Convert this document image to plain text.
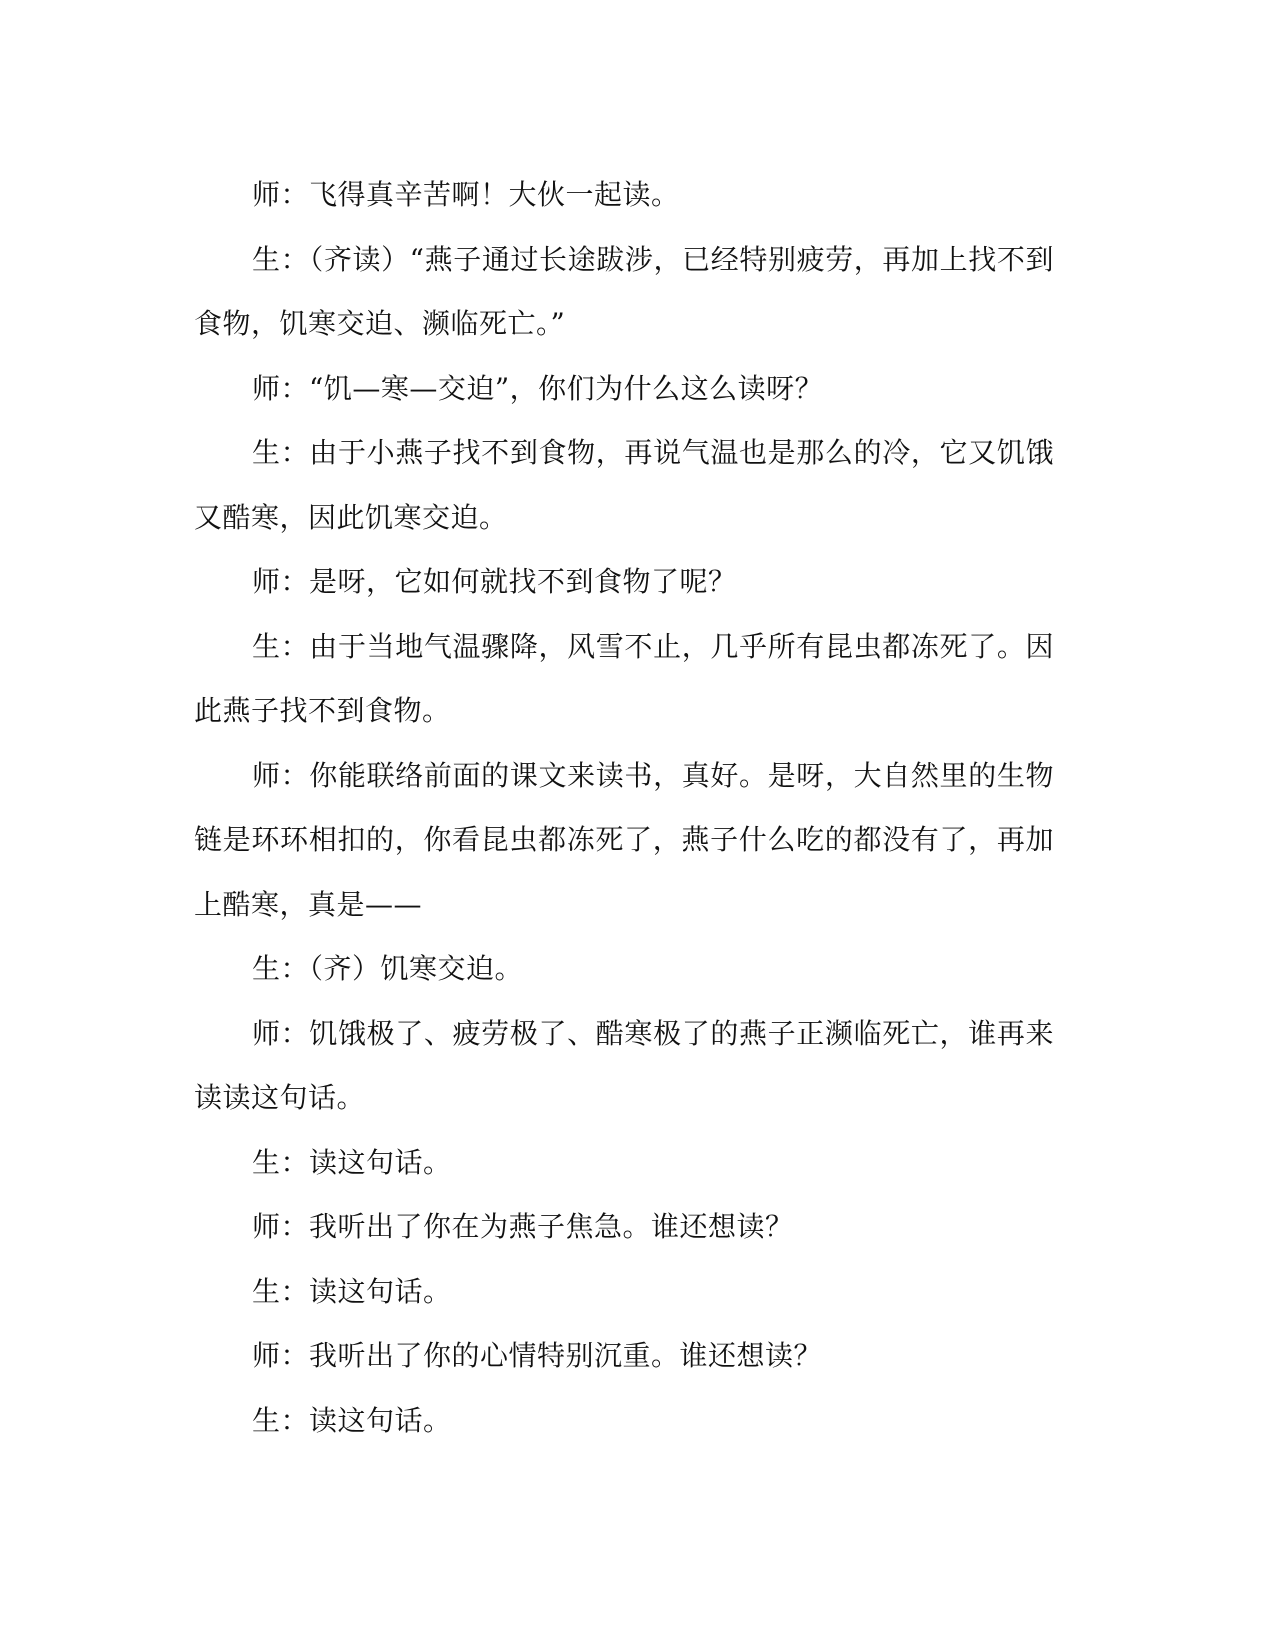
师：飞得真辛苦啊！大伙一起读。

生：（齐读）“燕子通过长途跋涉，已经特别疲劳，再加上找不到食物，饥寒交迫、濒临死亡。”

师：“饥—寒—交迫”，你们为什么这么读呀？

生：由于小燕子找不到食物，再说气温也是那么的冷，它又饥饿又酷寒，因此饥寒交迫。

师：是呀，它如何就找不到食物了呢？

生：由于当地气温骤降，风雪不止，几乎所有昆虫都冻死了。因此燕子找不到食物。

师：你能联络前面的课文来读书，真好。是呀，大自然里的生物链是环环相扣的，你看昆虫都冻死了，燕子什么吃的都没有了，再加上酷寒，真是——

生：（齐）饥寒交迫。

师：饥饿极了、疲劳极了、酷寒极了的燕子正濒临死亡，谁再来读读这句话。

生：读这句话。

师：我听出了你在为燕子焦急。谁还想读？

生：读这句话。

师：我听出了你的心情特别沉重。谁还想读？

生：读这句话。
